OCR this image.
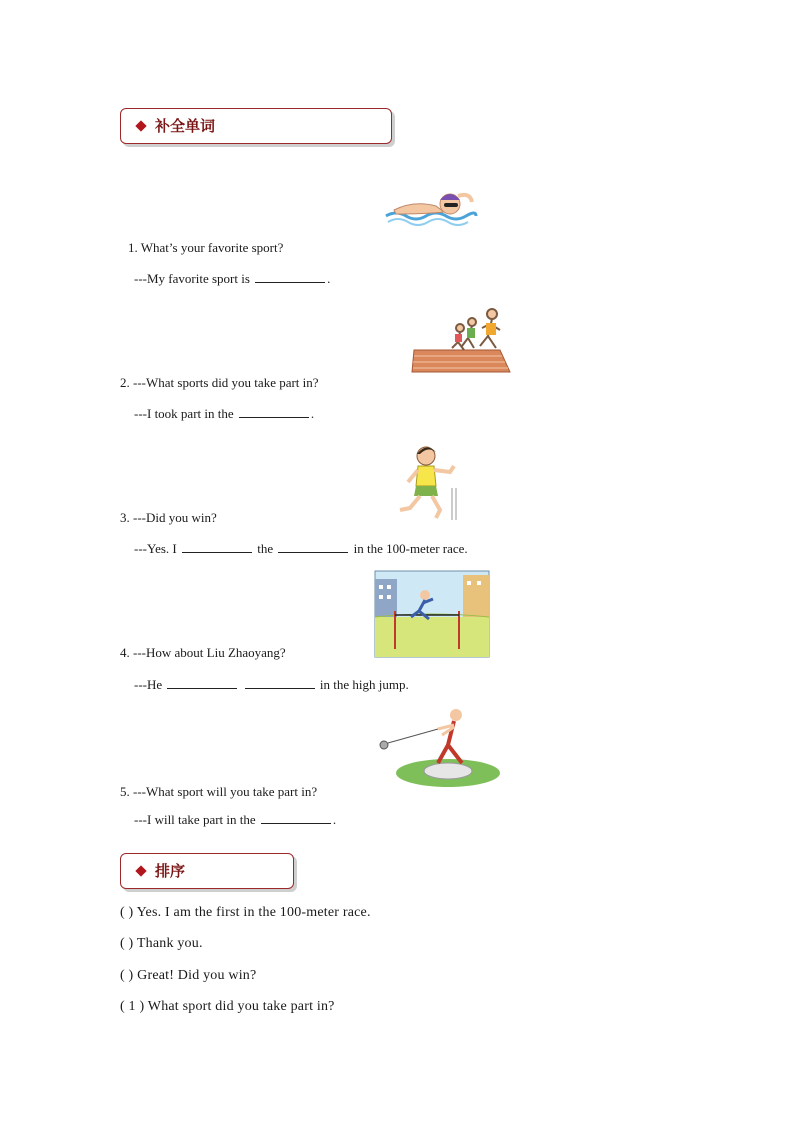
补全单词
1. What’s your favorite sport?
---My favorite sport is	.
2. ---What sports did you take part in?
---I took part in the	.
3. ---Did you win?
---Yes. I	the	in the 100-meter race.
4. ---How about Liu Zhaoyang?
---He	in the high jump.
5. ---What sport will you take part in?
---I will take part in the	.
排序
( ) Yes. I am the first in the 100-meter race.
( ) Thank you.
( ) Great! Did you win?
( 1 ) What sport did you take part in?
